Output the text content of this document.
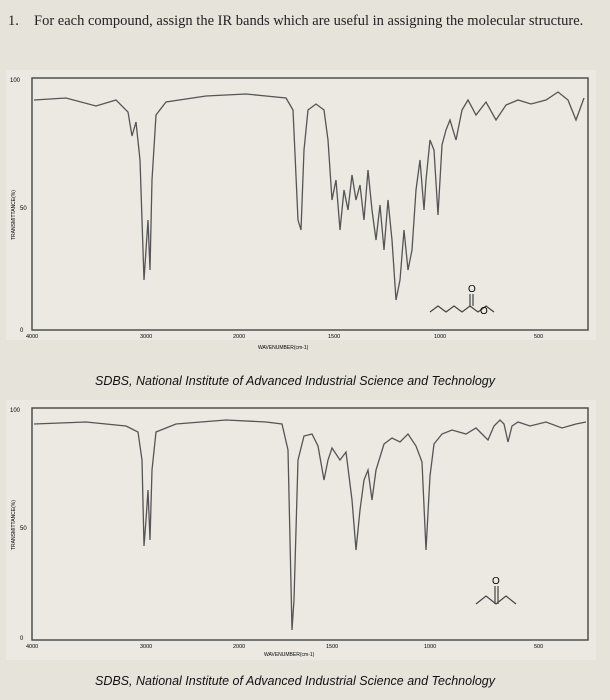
1. For each compound, assign the IR bands which are useful in assigning the molecular structure.
100
50
0
TRANSMITTANCE(%)
4000	3000	2000	1500	1000	500
WAVENUMBER(cm-1)
O
O
SDBS, National Institute of Advanced Industrial Science and Technology
100
50
0
TRANSMITTANCE(%)
4000	3000	2000	1500	1000	500
WAVENUMBER(cm-1)
O
SDBS, National Institute of Advanced Industrial Science and Technology
